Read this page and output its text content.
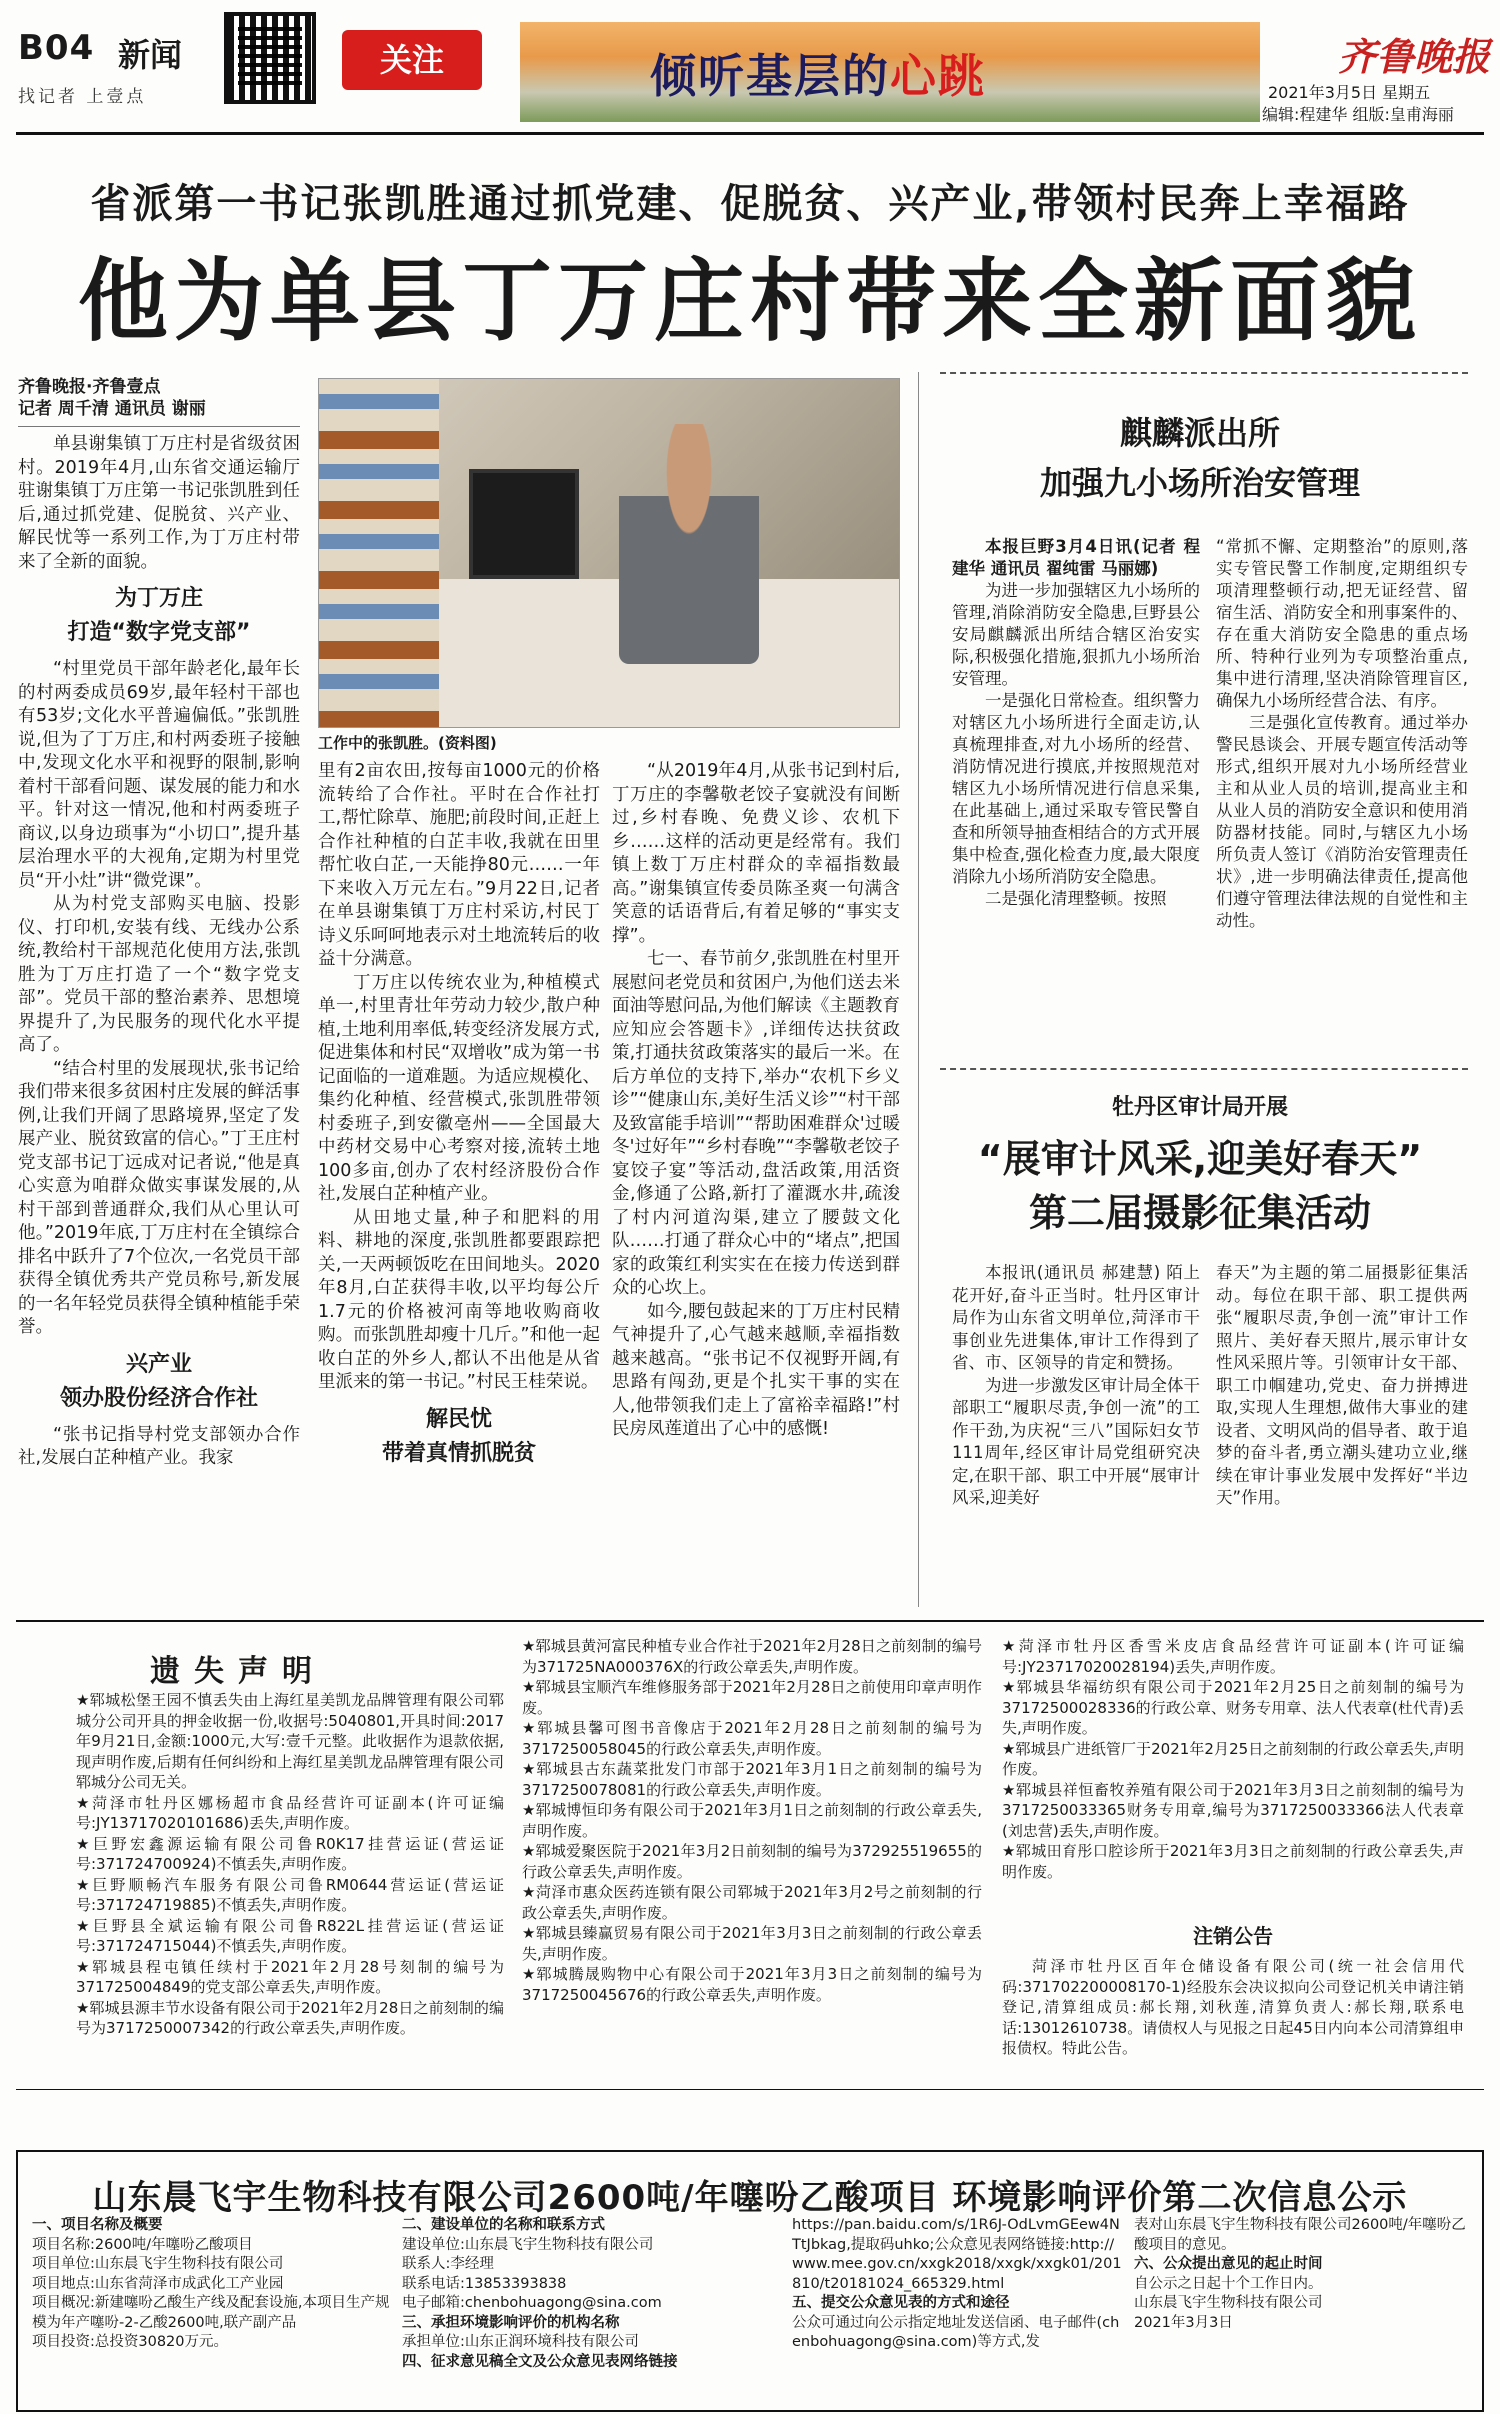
B04 新闻
找记者 上壹点
关注	倾听基层的心跳	齐鲁晚报
2021年3月5日 星期五
编辑:程建华 组版:皇甫海丽
省派第一书记张凯胜通过抓党建、促脱贫、兴产业,带领村民奔上幸福路
他为单县丁万庄村带来全新面貌
齐鲁晚报·齐鲁壹点
记者 周千清 通讯员 谢丽

单县谢集镇丁万庄村是省级贫困村。2019年4月,山东省交通运输厅驻谢集镇丁万庄第一书记张凯胜到任后,通过抓党建、促脱贫、兴产业、解民忧等一系列工作,为丁万庄村带来了全新的面貌。

为丁万庄
打造“数字党支部”

“村里党员干部年龄老化,最年长的村两委成员69岁,最年轻村干部也有53岁;文化水平普遍偏低。”张凯胜说,但为了丁万庄,和村两委班子接触中,发现文化水平和视野的限制,影响着村干部看问题、谋发展的能力和水平。针对这一情况,他和村两委班子商议,以身边琐事为“小切口”,提升基层治理水平的大视角,定期为村里党员“开小灶”讲“微党课”。

从为村党支部购买电脑、投影仪、打印机,安装有线、无线办公系统,教给村干部规范化使用方法,张凯胜为丁万庄打造了一个“数字党支部”。党员干部的整治素养、思想境界提升了,为民服务的现代化水平提高了。

“结合村里的发展现状,张书记给我们带来很多贫困村庄发展的鲜活事例,让我们开阔了思路境界,坚定了发展产业、脱贫致富的信心。”丁王庄村党支部书记丁远成对记者说,“他是真心实意为咱群众做实事谋发展的,从村干部到普通群众,我们从心里认可他。”2019年底,丁万庄村在全镇综合排名中跃升了7个位次,一名党员干部获得全镇优秀共产党员称号,新发展的一名年轻党员获得全镇种植能手荣誉。

兴产业
领办股份经济合作社

“张书记指导村党支部领办合作社,发展白芷种植产业。我家

工作中的张凯胜。(资料图)

里有2亩农田,按每亩1000元的价格流转给了合作社。平时在合作社打工,帮忙除草、施肥;前段时间,正赶上合作社种植的白芷丰收,我就在田里帮忙收白芷,一天能挣80元……一年下来收入万元左右。”9月22日,记者在单县谢集镇丁万庄村采访,村民丁诗义乐呵呵地表示对土地流转后的收益十分满意。

丁万庄以传统农业为,种植模式单一,村里青壮年劳动力较少,散户种植,土地利用率低,转变经济发展方式,促进集体和村民“双增收”成为第一书记面临的一道难题。为适应规模化、集约化种植、经营模式,张凯胜带领村委班子,到安徽亳州——全国最大中药材交易中心考察对接,流转土地100多亩,创办了农村经济股份合作社,发展白芷种植产业。

从田地丈量,种子和肥料的用料、耕地的深度,张凯胜都要跟踪把关,一天两顿饭吃在田间地头。2020年8月,白芷获得丰收,以平均每公斤1.7元的价格被河南等地收购商收购。而张凯胜却瘦十几斤。”和他一起收白芷的外乡人,都认不出他是从省里派来的第一书记。”村民王桂荣说。

解民忧
带着真情抓脱贫

“从2019年4月,从张书记到村后,丁万庄的李馨敬老饺子宴就没有间断过,乡村春晚、免费义诊、农机下乡……这样的活动更是经常有。我们镇上数丁万庄村群众的幸福指数最高。”谢集镇宣传委员陈圣爽一句满含笑意的话语背后,有着足够的“事实支撑”。

七一、春节前夕,张凯胜在村里开展慰问老党员和贫困户,为他们送去米面油等慰问品,为他们解读《主题教育应知应会答题卡》,详细传达扶贫政策,打通扶贫政策落实的最后一米。在后方单位的支持下,举办“农机下乡义诊”“健康山东,美好生活义诊”“村干部及致富能手培训”“帮助困难群众'过暖冬'过好年”“乡村春晚”“李馨敬老饺子宴饺子宴”等活动,盘活政策,用活资金,修通了公路,新打了灌溉水井,疏浚了村内河道沟渠,建立了腰鼓文化队……打通了群众心中的“堵点”,把国家的政策红利实实在在接力传送到群众的心坎上。

如今,腰包鼓起来的丁万庄村民精气神提升了,心气越来越顺,幸福指数越来越高。“张书记不仅视野开阔,有思路有闯劲,更是个扎实干事的实在人,他带领我们走上了富裕幸福路!”村民房凤莲道出了心中的感慨!

麒麟派出所
加强九小场所治安管理

本报巨野3月4日讯(记者 程建华 通讯员 翟纯雷 马丽娜)

为进一步加强辖区九小场所的管理,消除消防安全隐患,巨野县公安局麒麟派出所结合辖区治安实际,积极强化措施,狠抓九小场所治安管理。

一是强化日常检查。组织警力对辖区九小场所进行全面走访,认真梳理排查,对九小场所的经营、消防情况进行摸底,并按照规范对辖区九小场所情况进行信息采集,在此基础上,通过采取专管民警自查和所领导抽查相结合的方式开展集中检查,强化检查力度,最大限度消除九小场所消防安全隐患。

二是强化清理整顿。按照

“常抓不懈、定期整治”的原则,落实专管民警工作制度,定期组织专项清理整顿行动,把无证经营、留宿生活、消防安全和刑事案件的、存在重大消防安全隐患的重点场所、特种行业列为专项整治重点,集中进行清理,坚决消除管理盲区,确保九小场所经营合法、有序。

三是强化宣传教育。通过举办警民恳谈会、开展专题宣传活动等形式,组织开展对九小场所经营业主和从业人员的培训,提高业主和从业人员的消防安全意识和使用消防器材技能。同时,与辖区九小场所负责人签订《消防治安管理责任状》,进一步明确法律责任,提高他们遵守管理法律法规的自觉性和主动性。

牡丹区审计局开展
“展审计风采,迎美好春天”
第二届摄影征集活动

本报讯(通讯员 郝建慧) 陌上花开好,奋斗正当时。牡丹区审计局作为山东省文明单位,菏泽市干事创业先进集体,审计工作得到了省、市、区领导的肯定和赞扬。

为进一步激发区审计局全体干部职工“履职尽责,争创一流”的工作干劲,为庆祝“三八”国际妇女节111周年,经区审计局党组研究决定,在职干部、职工中开展“展审计风采,迎美好

春天”为主题的第二届摄影征集活动。每位在职干部、职工提供两张“履职尽责,争创一流”审计工作照片、美好春天照片,展示审计女性风采照片等。引领审计女干部、职工巾帼建功,党史、奋力拼搏进取,实现人生理想,做伟大事业的建设者、文明风尚的倡导者、敢于追梦的奋斗者,勇立潮头建功立业,继续在审计事业发展中发挥好“半边天”作用。

遗失声明
★郓城松堡王园不慎丢失由上海红星美凯龙品牌管理有限公司郓城分公司开具的押金收据一份,收据号:5040801,开具时间:2017年9月21日,金额:1000元,大写:壹千元整。此收据作为退款依据,现声明作废,后期有任何纠纷和上海红星美凯龙品牌管理有限公司郓城分公司无关。
★菏泽市牡丹区娜杨超市食品经营许可证副本(许可证编号:JY13717020101686)丢失,声明作废。
★巨野宏鑫源运输有限公司鲁R0K17挂营运证(营运证号:371724700924)不慎丢失,声明作废。
★巨野顺畅汽车服务有限公司鲁RM0644营运证(营运证号:371724719885)不慎丢失,声明作废。
★巨野县全斌运输有限公司鲁R822L挂营运证(营运证号:371724715044)不慎丢失,声明作废。
★郓城县程屯镇任续村于2021年2月28号刻制的编号为371725004849的党支部公章丢失,声明作废。
★郓城县源丰节水设备有限公司于2021年2月28日之前刻制的编号为3717250007342的行政公章丢失,声明作废。
★郓城县黄河富民种植专业合作社于2021年2月28日之前刻制的编号为371725NA000376X的行政公章丢失,声明作废。
★郓城县宝顺汽车维修服务部于2021年2月28日之前使用印章声明作废。
★郓城县馨可图书音像店于2021年2月28日之前刻制的编号为3717250058045的行政公章丢失,声明作废。
★郓城县古东蔬菜批发门市部于2021年3月1日之前刻制的编号为3717250078081的行政公章丢失,声明作废。
★郓城博恒印务有限公司于2021年3月1日之前刻制的行政公章丢失,声明作废。
★郓城爱聚医院于2021年3月2日前刻制的编号为372925519655的行政公章丢失,声明作废。
★菏泽市惠众医药连锁有限公司郓城于2021年3月2号之前刻制的行政公章丢失,声明作废。
★郓城县臻赢贸易有限公司于2021年3月3日之前刻制的行政公章丢失,声明作废。
★郓城腾晟购物中心有限公司于2021年3月3日之前刻制的编号为3717250045676的行政公章丢失,声明作废。
★菏泽市牡丹区香雪米皮店食品经营许可证副本(许可证编号:JY23717020028194)丢失,声明作废。
★郓城县华福纺织有限公司于2021年2月25日之前刻制的编号为3717250002833​6的行政公章、财务专用章、法人代表章(杜代青)丢失,声明作废。
★郓城县广进纸管厂于2021年2月25日之前刻制的行政公章丢失,声明作废。
★郓城县祥恒畜牧养殖有限公司于2021年3月3日之前刻制的编号为37172500333​65财务专用章,编号为37172500333​66法人代表章(刘忠营)丢失,声明作废。
★郓城田育彤口腔诊所于2021年3月3日之前刻制的行政公章丢失,声明作废。
注销公告
菏泽市牡丹区百年仓储设备有限公司(统一社会信用代码:371702200008170-1)经股东会决议拟向公司登记机关申请注销登记,清算组成员:郝长翔,刘秋莲,清算负责人:郝长翔,联系电话:13012610738。请债权人与见报之日起45日内向本公司清算组申报债权。特此公告。
山东晨飞宇生物科技有限公司2600吨/年噻吩乙酸项目 环境影响评价第二次信息公示
一、项目名称及概要
项目名称:2600吨/年噻吩乙酸项目
项目单位:山东晨飞宇生物科技有限公司
项目地点:山东省菏泽市成武化工产业园
项目概况:新建噻吩乙酸生产线及配套设施,本项目生产规模为年产噻吩-2-乙酸2600吨,联产副产品
项目投资:总投资30820万元。
二、建设单位的名称和联系方式
建设单位:山东晨飞宇生物科技有限公司
联系人:李经理
联系电话:13853393838
电子邮箱:chenbohuagong@sina.com
三、承担环境影响评价的机构名称
承担单位:山东正润环境科技有限公司
四、征求意见稿全文及公众意见表网络链接
https://pan.baidu.com/s/1R6J-OdLvmGEew4NTtJbkag,提取码uhko;公众意见表网络链接:http://www.mee.gov.cn/xxgk2018/xxgk/xxgk01/201810/t20181024_665329.html
五、提交公众意见表的方式和途径
公众可通过向公示指定地址发送信函、电子邮件(chenbohuagong@sina.com)等方式,发
表对山东晨飞宇生物科技有限公司2600吨/年噻吩乙酸项目的意见。
六、公众提出意见的起止时间
自公示之日起十个工作日内。
山东晨飞宇生物科技有限公司
2021年3月3日
